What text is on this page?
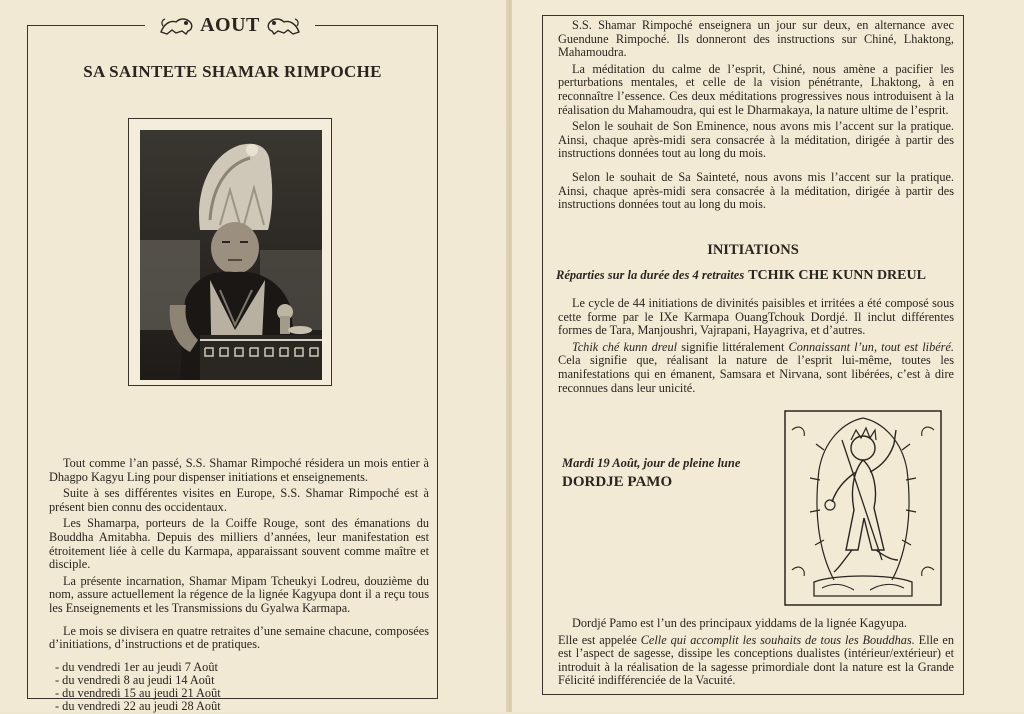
AOUT
SA SAINTETE SHAMAR RIMPOCHE

Tout comme l’an passé, S.S. Shamar Rimpoché résidera un mois entier à Dhagpo Kagyu Ling pour dispenser initiations et enseignements.

Suite à ses différentes visites en Europe, S.S. Shamar Rimpoché est à présent bien connu des occidentaux.

Les Shamarpa, porteurs de la Coiffe Rouge, sont des émanations du Bouddha Amitabha. Depuis des milliers d’années, leur manifestation est étroitement liée à celle du Karmapa, apparaissant souvent comme maître et disciple.

La présente incarnation, Shamar Mipam Tcheukyi Lodreu, douzième du nom, assure actuellement la régence de la lignée Kagyupa dont il a reçu tous les Enseignements et les Transmissions du Gyalwa Karmapa.

Le mois se divisera en quatre retraites d’une semaine chacune, composées d’initiations, d’instructions et de pratiques.

- du vendredi 1er au jeudi 7 Août
- du vendredi 8 au jeudi 14 Août
- du vendredi 15 au jeudi 21 Août
- du vendredi 22 au jeudi 28 Août

S.S. Shamar Rimpoché enseignera un jour sur deux, en alternance avec Guendune Rimpoché. Ils donneront des instructions sur Chiné, Lhaktong, Mahamoudra.

La méditation du calme de l’esprit, Chiné, nous amène a pacifier les perturbations mentales, et celle de la vision pénétrante, Lhaktong, à en reconnaître l’essence. Ces deux méditations progressives nous introduisent à la réalisation du Mahamoudra, qui est le Dharmakaya, la nature ultime de l’esprit.

Selon le souhait de Son Eminence, nous avons mis l’accent sur la pratique. Ainsi, chaque après-midi sera consacrée à la méditation, dirigée à partir des instructions données tout au long du mois.

Selon le souhait de Sa Sainteté, nous avons mis l’accent sur la pratique. Ainsi, chaque après-midi sera consacrée à la méditation, dirigée à partir des instructions données tout au long du mois.

INITIATIONS
Réparties sur la durée des 4 retraites TCHIK CHE KUNN DREUL

Le cycle de 44 initiations de divinités paisibles et irritées a été composé sous cette forme par le IXe Karmapa OuangTchouk Dordjé. Il inclut différentes formes de Tara, Manjoushri, Vajrapani, Hayagriva, et d’autres.

Tchik ché kunn dreul signifie littéralement Connaissant l’un, tout est libéré. Cela signifie que, réalisant la nature de l’esprit lui-même, toutes les manifestations qui en émanent, Samsara et Nirvana, sont libérées, c’est à dire reconnues dans leur unicité.

Mardi 19 Août, jour de pleine lune
DORDJE PAMO

Dordjé Pamo est l’un des principaux yiddams de la lignée Kagyupa.

Elle est appelée Celle qui accomplit les souhaits de tous les Bouddhas. Elle en est l’aspect de sagesse, dissipe les conceptions dualistes (intérieur/extérieur) et introduit à la réalisation de la sagesse primordiale dont la nature est la Grande Félicité indifférenciée de la Vacuité.
